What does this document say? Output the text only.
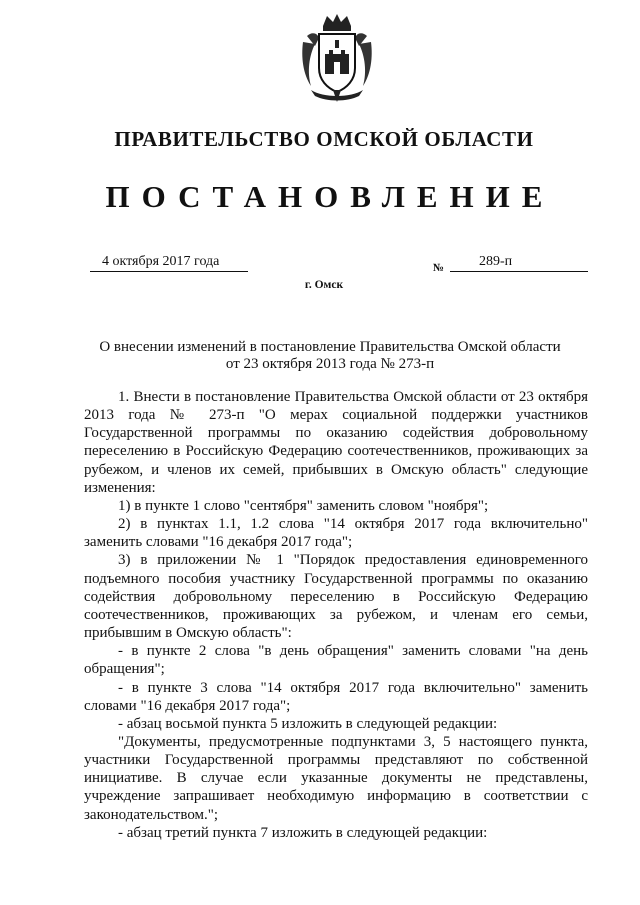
ПРАВИТЕЛЬСТВО ОМСКОЙ ОБЛАСТИ
ПОСТАНОВЛЕНИЕ
4 октября 2017 года	№ 289-п
г. Омск
О внесении изменений в постановление Правительства Омской области
от 23 октября 2013 года № 273-п

1. Внести в постановление Правительства Омской области от 23 октября 2013 года № 273-п "О мерах социальной поддержки участников Государственной программы по оказанию содействия добровольному переселению в Российскую Федерацию соотечественников, проживающих за рубежом, и членов их семей, прибывших в Омскую область" следующие изменения:

1) в пункте 1 слово "сентября" заменить словом "ноября";

2) в пунктах 1.1, 1.2 слова "14 октября 2017 года включительно" заменить словами "16 декабря 2017 года";

3) в приложении № 1 "Порядок предоставления единовременного подъемного пособия участнику Государственной программы по оказанию содействия добровольному переселению в Российскую Федерацию соотечественников, проживающих за рубежом, и членам его семьи, прибывшим в Омскую область":

- в пункте 2 слова "в день обращения" заменить словами "на день обращения";

- в пункте 3 слова "14 октября 2017 года включительно" заменить словами "16 декабря 2017 года";

- абзац восьмой пункта 5 изложить в следующей редакции:

"Документы, предусмотренные подпунктами 3, 5 настоящего пункта, участники Государственной программы представляют по собственной инициативе. В случае если указанные документы не представлены, учреждение запрашивает необходимую информацию в соответствии с законодательством.";

- абзац третий пункта 7 изложить в следующей редакции:
